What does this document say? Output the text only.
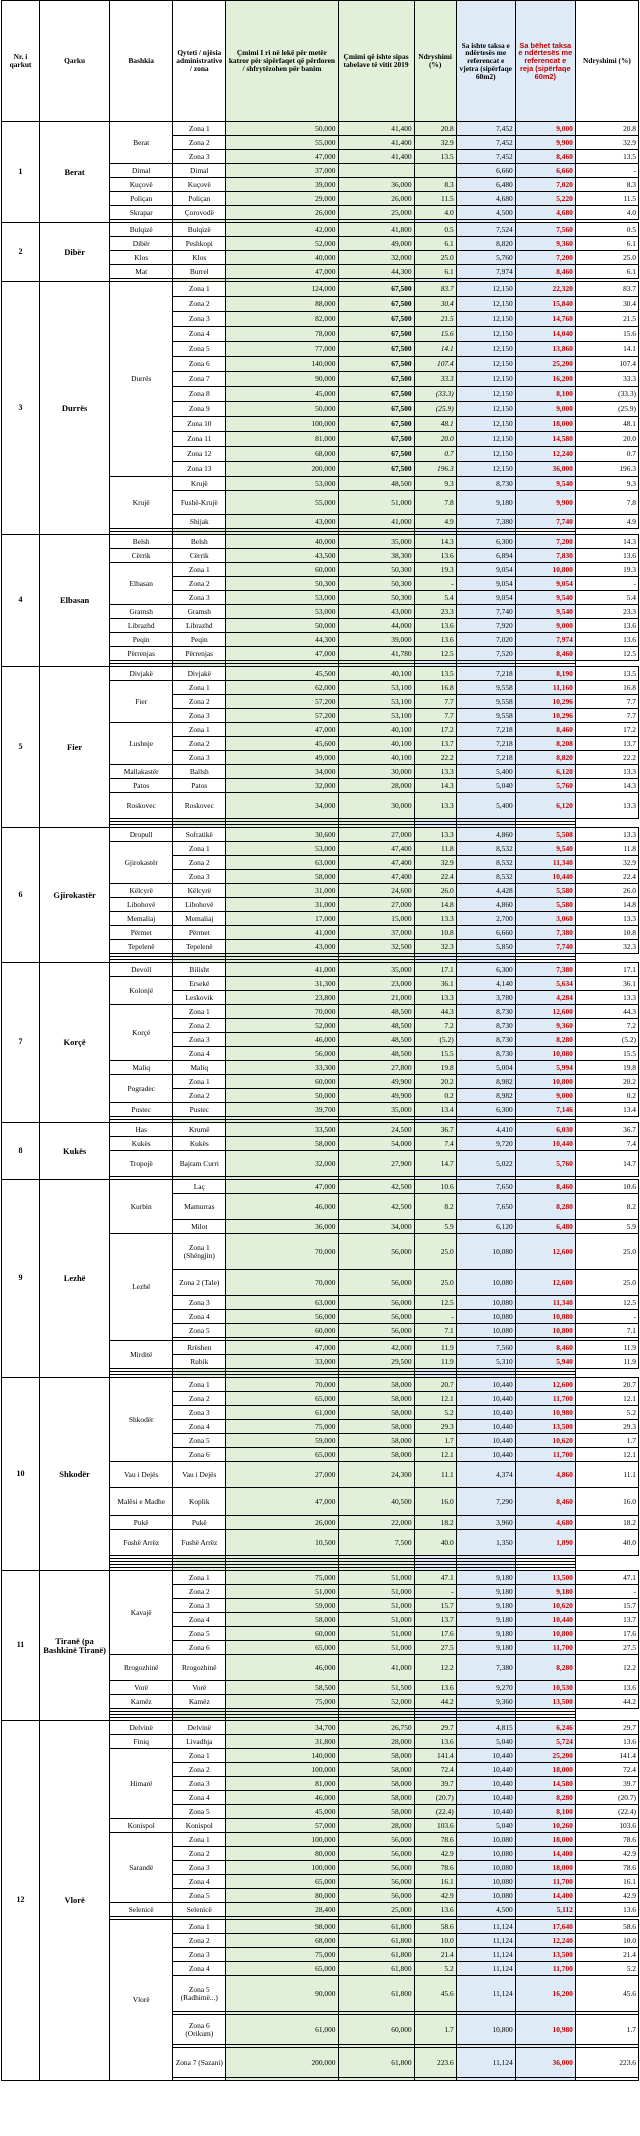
Nr. i qarkut	Qarku	Bashkia	Qyteti / njësia administrative / zona	Çmimi I ri në lekë për metër katror për sipërfaqet që përdoren / shfrytëzohen për banim	Çmimi që ishte sipas tabelave të vitit 2019	Ndryshimi (%)	Sa ishte taksa e ndërtesës me referencat e vjetra (sipërfaqe 60m2)	Sa bëhet taksa e ndërtesës me referencat e reja (sipërfaqe 60m2)	Ndryshimi (%)
1	Berat	Berat	Zona 1	50,000	41,400	20.8	7,452	9,000	20.8
			Zona 2	55,000	41,400	32.9	7,452	9,900	32.9
			Zona 3	47,000	41,400	13.5	7,452	8,460	13.5
		Dimal	Dimal	37,000			6,660	6,660	-
		Kuçovë	Kuçovë	39,000	36,000	8.3	6,480	7,020	8.3
		Poliçan	Poliçan	29,000	26,000	11.5	4,680	5,220	11.5
		Skrapar	Çorovodë	26,000	25,000	4.0	4,500	4,680	4.0

2	Dibër	Bulqizë	Bulqizë	42,000	41,800	0.5	7,524	7,560	0.5
		Dibër	Peshkopi	52,000	49,000	6.1	8,820	9,360	6.1
		Klos	Klos	40,000	32,000	25.0	5,760	7,200	25.0
		Mat	Burrel	47,000	44,300	6.1	7,974	8,460	6.1

3	Durrës	Durrës	Zona 1	124,000	67,500	83.7	12,150	22,320	83.7
			Zona 2	88,000	67,500	30.4	12,150	15,840	30.4
			Zona 3	82,000	67,500	21.5	12,150	14,760	21.5
			Zona 4	78,000	67,500	15.6	12,150	14,040	15.6
			Zona 5	77,000	67,500	14.1	12,150	13,860	14.1
			Zona 6	140,000	67,500	107.4	12,150	25,200	107.4
			Zona 7	90,000	67,500	33.3	12,150	16,200	33.3
			Zona 8	45,000	67,500	(33.3)	12,150	8,100	(33.3)
			Zona 9	50,000	67,500	(25.9)	12,150	9,000	(25.9)
			Zona 10	100,000	67,500	48.1	12,150	18,000	48.1
			Zona 11	81,000	67,500	20.0	12,150	14,580	20.0
			Zona 12	68,000	67,500	0.7	12,150	12,240	0.7
			Zona 13	200,000	67,500	196.3	12,150	36,000	196.3
		Krujë	Krujë	53,000	48,500	9.3	8,730	9,540	9.3
			Fushë-Krujë	55,000	51,000	7.8	9,180	9,900	7.8
			Shijak	43,000	41,000	4.9	7,380	7,740	4.9

4	Elbasan	Belsh	Belsh	40,000	35,000	14.3	6,300	7,200	14.3
		Cërrik	Cërrik	43,500	38,300	13.6	6,894	7,830	13.6
		Elbasan	Zona 1	60,000	50,300	19.3	9,054	10,800	19.3
			Zona 2	50,300	50,300	-	9,054	9,054	-
			Zona 3	53,000	50,300	5.4	9,054	9,540	5.4
		Gramsh	Gramsh	53,000	43,000	23.3	7,740	9,540	23.3
		Librazhd	Librazhd	50,000	44,000	13.6	7,920	9,000	13.6
		Peqin	Peqin	44,300	39,000	13.6	7,020	7,974	13.6
		Përrenjas	Përrenjas	47,000	41,780	12.5	7,520	8,460	12.5

5	Fier	Divjakë	Divjakë	45,500	40,100	13.5	7,218	8,190	13.5
		Fier	Zona 1	62,000	53,100	16.8	9,558	11,160	16.8
			Zona 2	57,200	53,100	7.7	9,558	10,296	7.7
			Zona 3	57,200	53,100	7.7	9,558	10,296	7.7
		Lushnje	Zona 1	47,000	40,100	17.2	7,218	8,460	17.2
			Zona 2	45,600	40,100	13.7	7,218	8,208	13.7
			Zona 3	49,000	40,100	22.2	7,218	8,820	22.2
		Mallakastër	Ballsh	34,000	30,000	13.3	5,400	6,120	13.3
		Patos	Patos	32,000	28,000	14.3	5,040	5,760	14.3
		Roskovec	Roskovec	34,000	30,000	13.3	5,400	6,120	13.3

6	Gjirokastër	Dropull	Sofratikë	30,600	27,000	13.3	4,860	5,508	13.3
		Gjirokastër	Zona 1	53,000	47,400	11.8	8,532	9,540	11.8
			Zona 2	63,000	47,400	32.9	8,532	11,340	32.9
			Zona 3	58,000	47,400	22.4	8,532	10,440	22.4
		Këlcyrë	Këlcyrë	31,000	24,600	26.0	4,428	5,580	26.0
		Libohovë	Libohovë	31,000	27,000	14.8	4,860	5,580	14.8
		Memaliaj	Memaliaj	17,000	15,000	13.3	2,700	3,060	13.3
		Përmet	Përmet	41,000	37,000	10.8	6,660	7,380	10.8
		Tepelenë	Tepelenë	43,000	32,500	32.3	5,850	7,740	32.3

7	Korçë	Devoll	Bilisht	41,000	35,000	17.1	6,300	7,380	17.1
		Kolonjë	Ersekë	31,300	23,000	36.1	4,140	5,634	36.1
			Leskovik	23,800	21,000	13.3	3,780	4,284	13.3
		Korçë	Zona 1	70,000	48,500	44.3	8,730	12,600	44.3
			Zona 2	52,000	48,500	7.2	8,730	9,360	7.2
			Zona 3	46,000	48,500	(5.2)	8,730	8,280	(5.2)
			Zona 4	56,000	48,500	15.5	8,730	10,080	15.5
		Maliq	Maliq	33,300	27,800	19.8	5,004	5,994	19.8
		Pogradec	Zona 1	60,000	49,900	20.2	8,982	10,800	20.2
			Zona 2	50,000	49,900	0.2	8,982	9,000	0.2
		Pustec	Pustec	39,700	35,000	13.4	6,300	7,146	13.4

8	Kukës	Has	Krumë	33,500	24,500	36.7	4,410	6,030	36.7
		Kukës	Kukës	58,000	54,000	7.4	9,720	10,440	7.4
		Tropojë	Bajram Curri	32,000	27,900	14.7	5,022	5,760	14.7

9	Lezhë	Kurbin	Laç	47,000	42,500	10.6	7,650	8,460	10.6
			Mamurras	46,000	42,500	8.2	7,650	8,280	8.2
			Milot	36,000	34,000	5.9	6,120	6,480	5.9
		Lezhë	Zona 1 (Shëngjin)	70,000	56,000	25.0	10,080	12,600	25.0
			Zona 2 (Tale)	70,000	56,000	25.0	10,080	12,600	25.0
			Zona 3	63,000	56,000	12.5	10,080	11,340	12.5
			Zona 4	56,000	56,000	-	10,080	10,080	-
			Zona 5	60,000	56,000	7.1	10,080	10,800	7.1

		Mirditë	Rrëshen	47,000	42,000	11.9	7,560	8,460	11.9
			Rubik	33,000	29,500	11.9	5,310	5,940	11.9

10	Shkodër	Shkodër	Zona 1	70,000	58,000	20.7	10,440	12,600	20.7
			Zona 2	65,000	58,000	12.1	10,440	11,700	12.1
			Zona 3	61,000	58,000	5.2	10,440	10,980	5.2
			Zona 4	75,000	58,000	29.3	10,440	13,500	29.3
			Zona 5	59,000	58,000	1.7	10,440	10,620	1.7
			Zona 6	65,000	58,000	12.1	10,440	11,700	12.1
		Vau i Dejës	Vau i Dejës	27,000	24,300	11.1	4,374	4,860	11.1
		Malësi e Madhe	Koplik	47,000	40,500	16.0	7,290	8,460	16.0
		Pukë	Pukë	26,000	22,000	18.2	3,960	4,680	18.2
		Fushë Arrëz	Fushë Arrëz	10,500	7,500	40.0	1,350	1,890	40.0

11	Tiranë (pa Bashkinë Tiranë)	Kavajë	Zona 1	75,000	51,000	47.1	9,180	13,500	47.1
			Zona 2	51,000	51,000	-	9,180	9,180	-
			Zona 3	59,000	51,000	15.7	9,180	10,620	15.7
			Zona 4	58,000	51,000	13.7	9,180	10,440	13.7
			Zona 5	60,000	51,000	17.6	9,180	10,800	17.6
			Zona 6	65,000	51,000	27.5	9,180	11,700	27.5
		Rrogozhinë	Rrogozhinë	46,000	41,000	12.2	7,380	8,280	12.2
		Vorë	Vorë	58,500	51,500	13.6	9,270	10,530	13.6
		Kamëz	Kamëz	75,000	52,000	44.2	9,360	13,500	44.2

12	Vlorë	Delvinë	Delvinë	34,700	26,750	29.7	4,815	6,246	29.7
		Finiq	Livadhja	31,800	28,000	13.6	5,040	5,724	13.6
		Himarë	Zona 1	140,000	58,000	141.4	10,440	25,200	141.4
			Zona 2	100,000	58,000	72.4	10,440	18,000	72.4
			Zona 3	81,000	58,000	39.7	10,440	14,580	39.7
			Zona 4	46,000	58,000	(20.7)	10,440	8,280	(20.7)
			Zona 5	45,000	58,000	(22.4)	10,440	8,100	(22.4)
		Konispol	Konispol	57,000	28,000	103.6	5,040	10,260	103.6
		Sarandë	Zona 1	100,000	56,000	78.6	10,080	18,000	78.6
			Zona 2	80,000	56,000	42.9	10,080	14,400	42.9
			Zona 3	100,000	56,000	78.6	10,080	18,000	78.6
			Zona 4	65,000	56,000	16.1	10,080	11,700	16.1
			Zona 5	80,000	56,000	42.9	10,080	14,400	42.9
		Selenicë	Selenicë	28,400	25,000	13.6	4,500	5,112	13.6

		Vlorë	Zona 1	98,000	61,800	58.6	11,124	17,640	58.6
			Zona 2	68,000	61,800	10.0	11,124	12,240	10.0
			Zona 3	75,000	61,800	21.4	11,124	13,500	21.4
			Zona 4	65,000	61,800	5.2	11,124	11,700	5.2
			Zona 5 (Radhimë...)	90,000	61,800	45.6	11,124	16,200	45.6

			Zona 6 (Orikum)	61,000	60,000	1.7	10,800	10,980	1.7

			Zona 7 (Sazani)	200,000	61,800	223.6	11,124	36,000	223.6
